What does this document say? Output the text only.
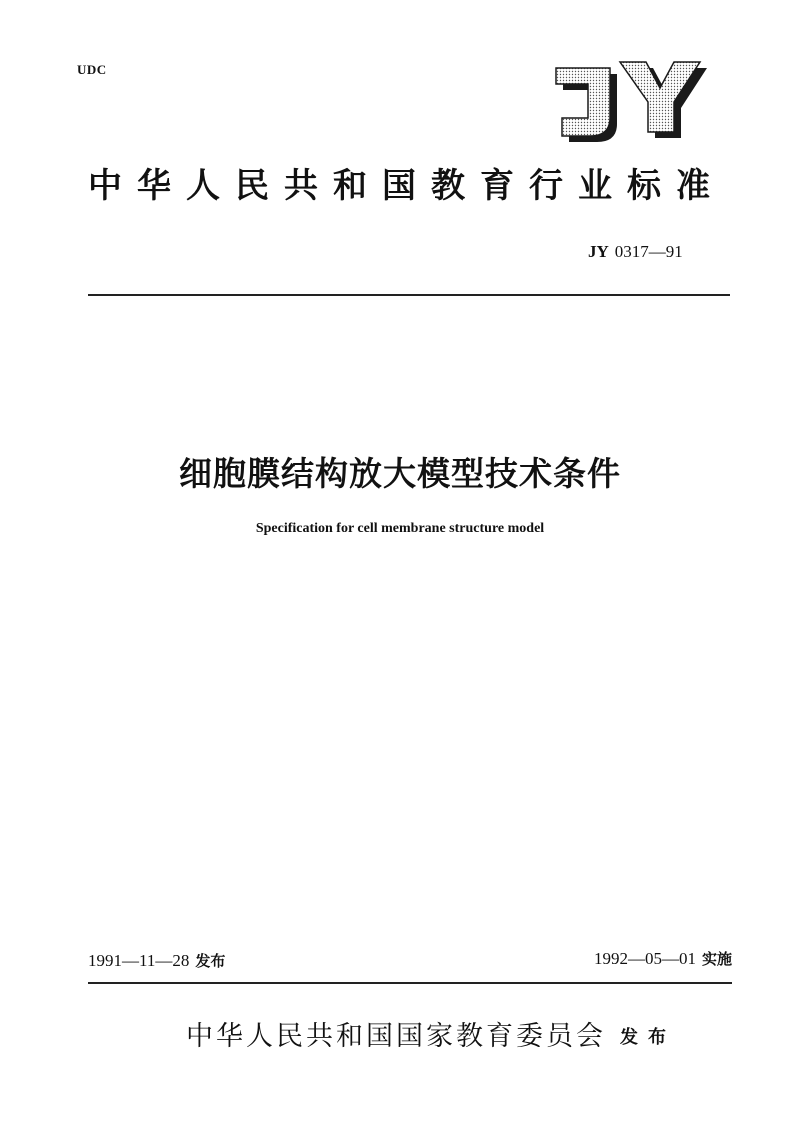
UDC
中华人民共和国教育行业标准
JY 0317—91
细胞膜结构放大模型技术条件
Specification for cell membrane structure model
1991—11—28 发布	1992—05—01 实施
中华人民共和国国家教育委员会 发布
